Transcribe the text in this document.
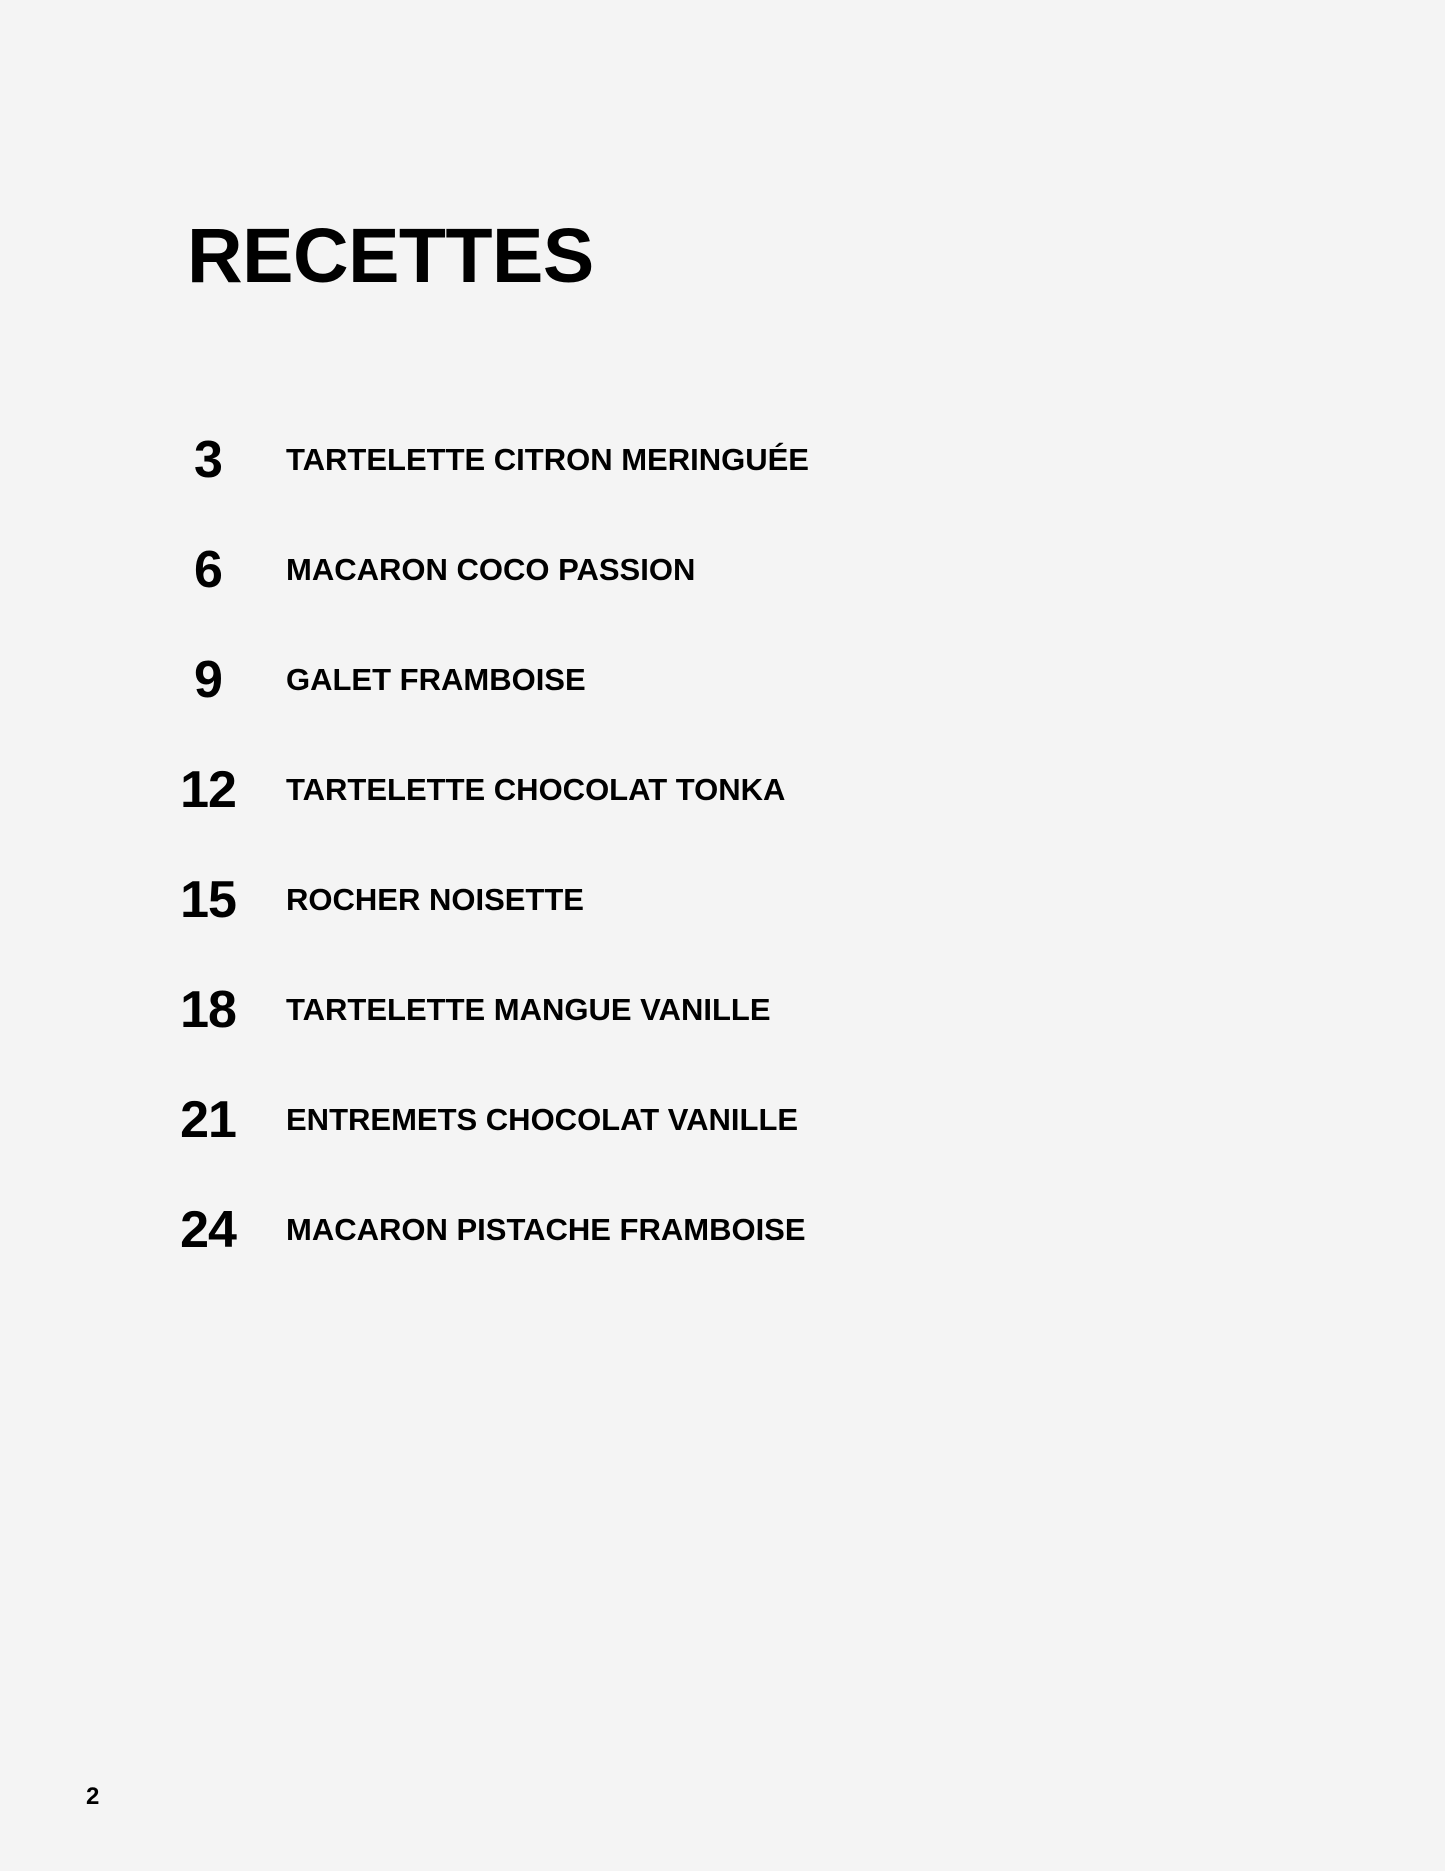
RECETTES
3	TARTELETTE CITRON MERINGUÉE
6	MACARON COCO PASSION
9	GALET FRAMBOISE
12	TARTELETTE CHOCOLAT TONKA
15	ROCHER NOISETTE
18	TARTELETTE MANGUE VANILLE
21	ENTREMETS CHOCOLAT VANILLE
24	MACARON PISTACHE FRAMBOISE
2
